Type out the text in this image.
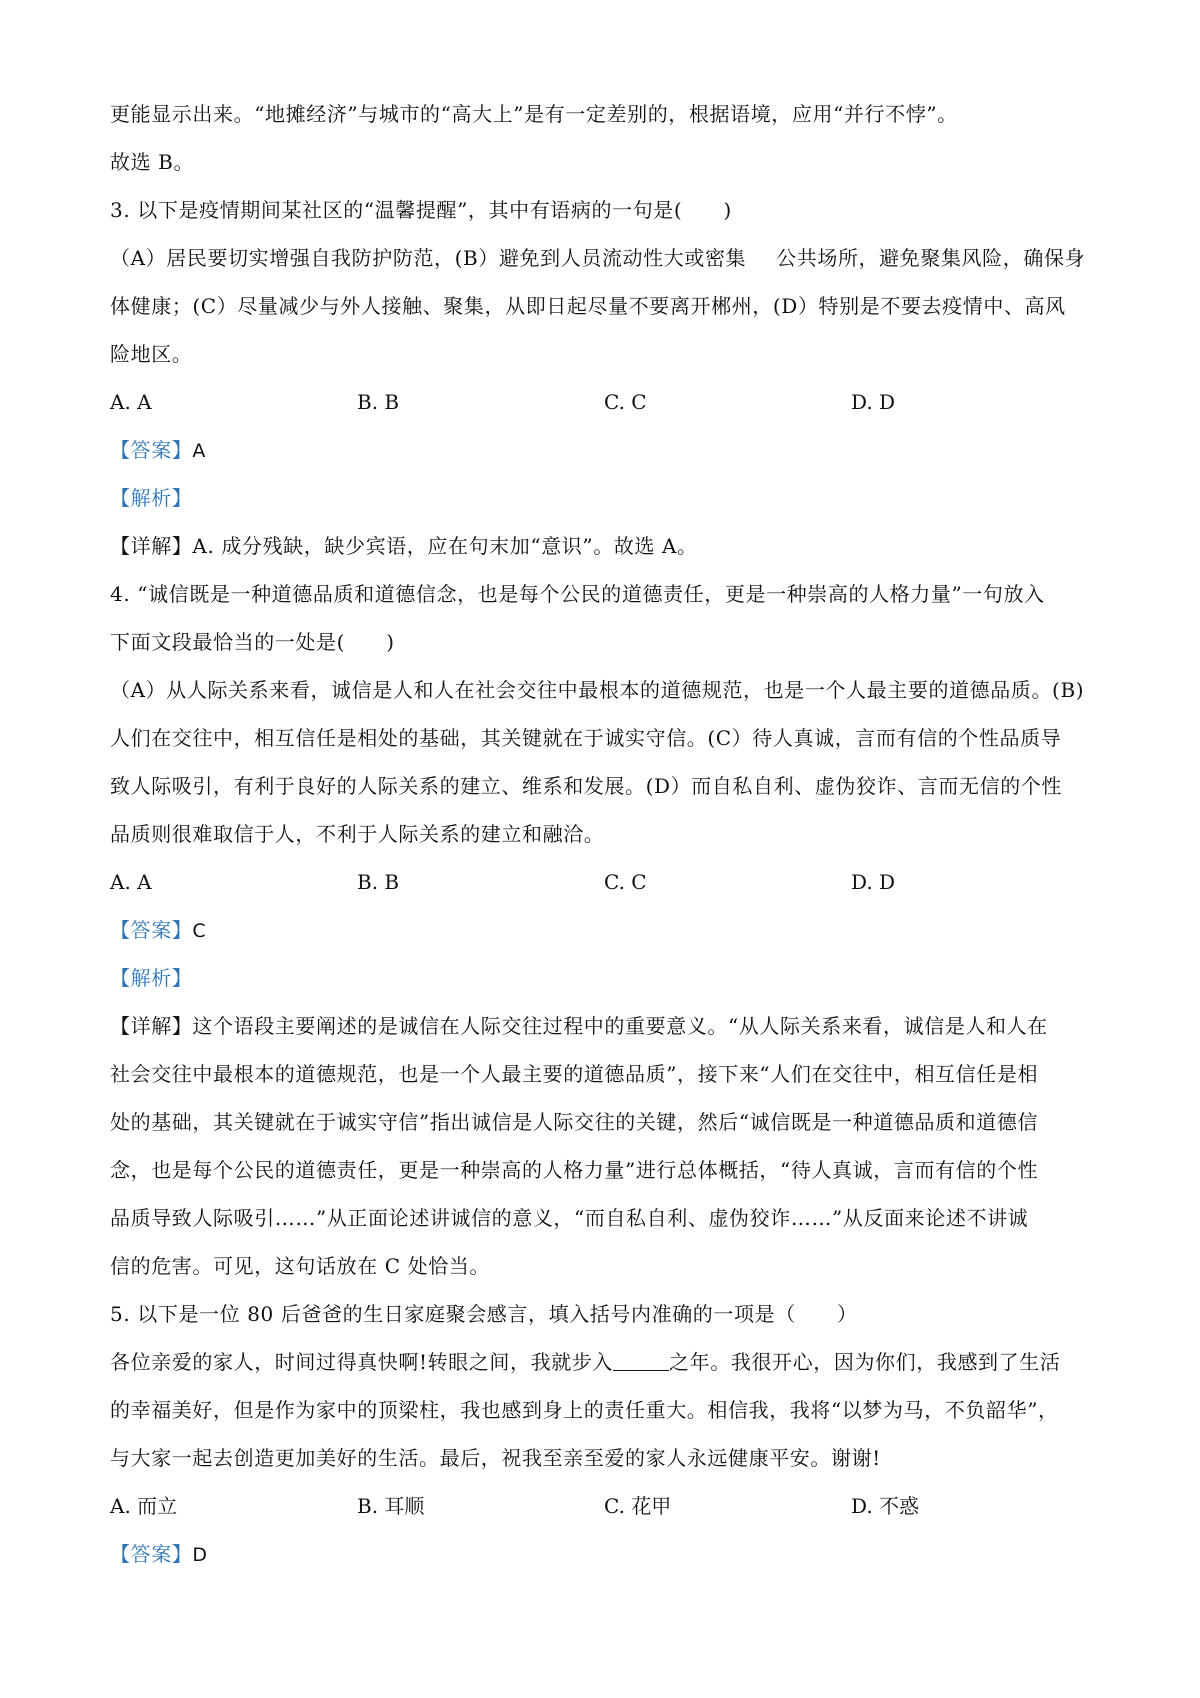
更能显示出来。“地摊经济”与城市的“高大上”是有一定差别的，根据语境，应用“并行不悖”。
故选 B。
3. 以下是疫情期间某社区的“温馨提醒”，其中有语病的一句是(　　)
（A）居民要切实增强自我防护防范，(B）避免到人员流动性大或密集 公共场所，避免聚集风险，确保身
体健康；(C）尽量减少与外人接触、聚集，从即日起尽量不要离开郴州，(D）特别是不要去疫情中、高风
险地区。
A. A	B. B	C. C	D. D
【答案】A
【解析】
【详解】A. 成分残缺，缺少宾语，应在句末加“意识”。故选 A。
4. “诚信既是一种道德品质和道德信念，也是每个公民的道德责任，更是一种崇高的人格力量”一句放入
下面文段最恰当的一处是(　　)
（A）从人际关系来看，诚信是人和人在社会交往中最根本的道德规范，也是一个人最主要的道德品质。(B)
人们在交往中，相互信任是相处的基础，其关键就在于诚实守信。(C）待人真诚，言而有信的个性品质导
致人际吸引，有利于良好的人际关系的建立、维系和发展。(D）而自私自利、虚伪狡诈、言而无信的个性
品质则很难取信于人，不利于人际关系的建立和融洽。
A. A	B. B	C. C	D. D
【答案】C
【解析】
【详解】这个语段主要阐述的是诚信在人际交往过程中的重要意义。“从人际关系来看，诚信是人和人在
社会交往中最根本的道德规范，也是一个人最主要的道德品质”，接下来“人们在交往中，相互信任是相
处的基础，其关键就在于诚实守信”指出诚信是人际交往的关键，然后“诚信既是一种道德品质和道德信
念，也是每个公民的道德责任，更是一种崇高的人格力量”进行总体概括，“待人真诚，言而有信的个性
品质导致人际吸引……”从正面论述讲诚信的意义，“而自私自利、虚伪狡诈……”从反面来论述不讲诚
信的危害。可见，这句话放在 C 处恰当。
5. 以下是一位 80 后爸爸的生日家庭聚会感言，填入括号内准确的一项是（　　）
各位亲爱的家人，时间过得真快啊!转眼之间，我就步入	之年。我很开心，因为你们，我感到了生活
的幸福美好，但是作为家中的顶梁柱，我也感到身上的责任重大。相信我，我将“以梦为马，不负韶华”，
与大家一起去创造更加美好的生活。最后，祝我至亲至爱的家人永远健康平安。谢谢!
A. 而立	B. 耳顺	C. 花甲	D. 不惑
【答案】D
